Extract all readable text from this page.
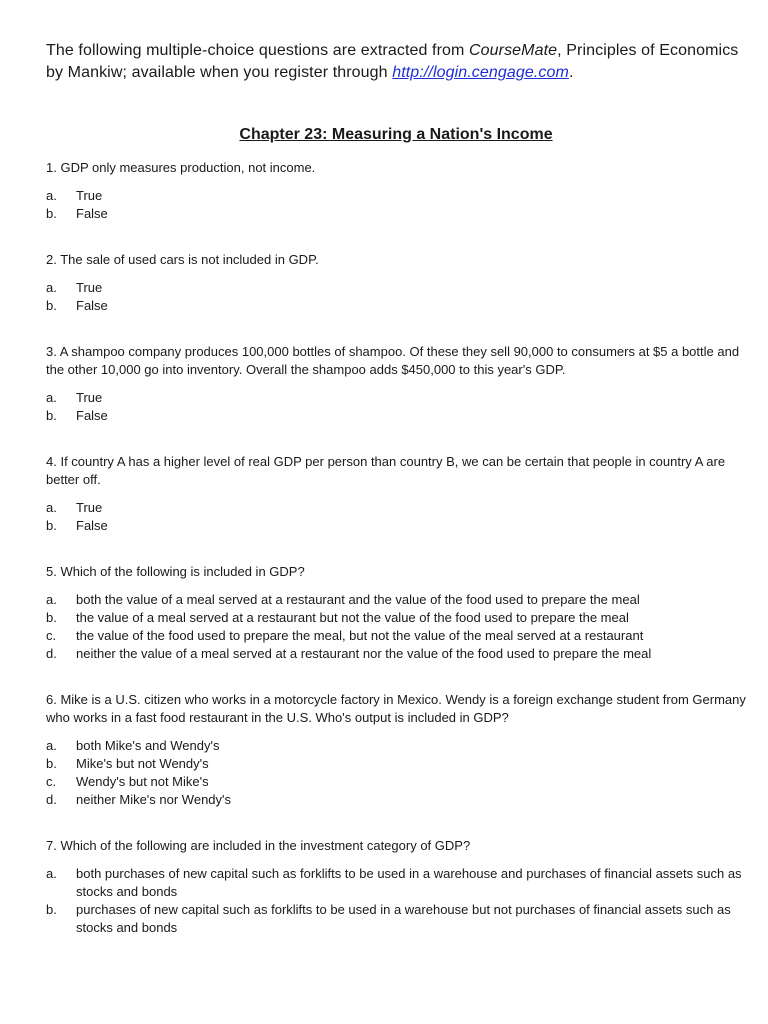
The following multiple-choice questions are extracted from CourseMate, Principles of Economics by Mankiw; available when you register through http://login.cengage.com.

Chapter 23: Measuring a Nation's Income

1. GDP only measures production, not income.

a.	True
b.	False

2. The sale of used cars is not included in GDP.

a.	True
b.	False

3. A shampoo company produces 100,000 bottles of shampoo. Of these they sell 90,000 to consumers at $5 a bottle and the other 10,000 go into inventory. Overall the shampoo adds $450,000 to this year's GDP.

a.	True
b.	False

4. If country A has a higher level of real GDP per person than country B, we can be certain that people in country A are better off.

a.	True
b.	False

5. Which of the following is included in GDP?

a.	both the value of a meal served at a restaurant and the value of the food used to prepare the meal
b.	the value of a meal served at a restaurant but not the value of the food used to prepare the meal
c.	the value of the food used to prepare the meal, but not the value of the meal served at a restaurant
d.	neither the value of a meal served at a restaurant nor the value of the food used to prepare the meal

6. Mike is a U.S. citizen who works in a motorcycle factory in Mexico. Wendy is a foreign exchange student from Germany who works in a fast food restaurant in the U.S. Who's output is included in GDP?

a.	both Mike's and Wendy's
b.	Mike's but not Wendy's
c.	Wendy's but not Mike's
d.	neither Mike's nor Wendy's

7. Which of the following are included in the investment category of GDP?

a.	both purchases of new capital such as forklifts to be used in a warehouse and purchases of financial assets such as stocks and bonds
b.	purchases of new capital such as forklifts to be used in a warehouse but not purchases of financial assets such as stocks and bonds
